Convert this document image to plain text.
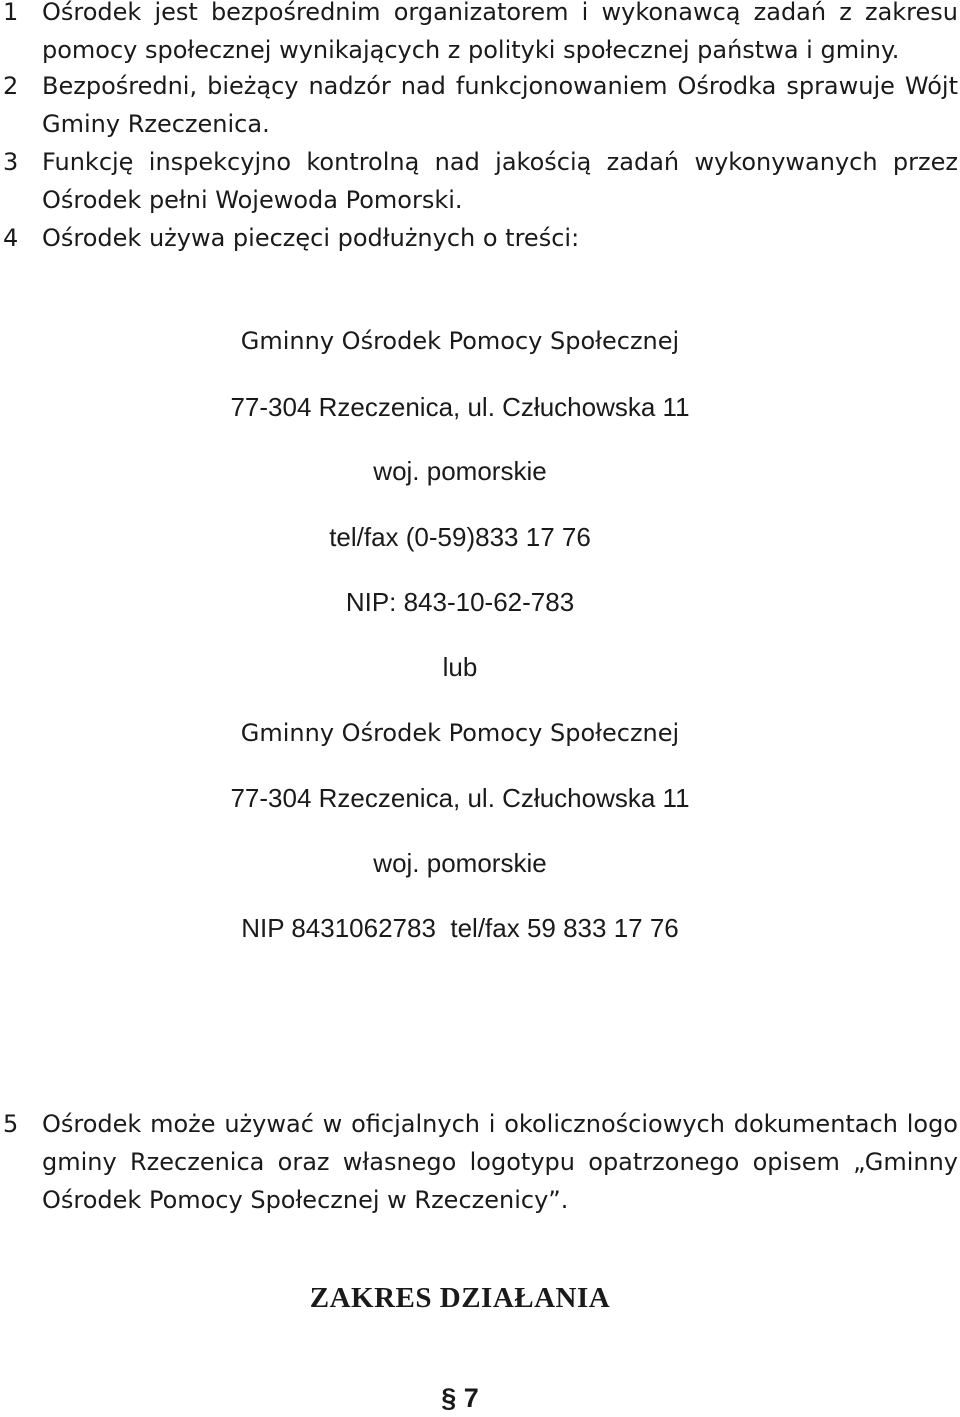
1 Ośrodek jest bezpośrednim organizatorem i wykonawcą zadań z zakresu pomocy społecznej wynikających z polityki społecznej państwa i gminy.
2 Bezpośredni, bieżący nadzór nad funkcjonowaniem Ośrodka sprawuje Wójt Gminy Rzeczenica.
3 Funkcję inspekcyjno kontrolną nad jakością zadań wykonywanych przez Ośrodek pełni Wojewoda Pomorski.
4 Ośrodek używa pieczęci podłużnych o treści:
Gminny Ośrodek Pomocy Społecznej
77-304 Rzeczenica, ul. Człuchowska 11
woj. pomorskie
tel/fax (0-59)833 17 76
NIP: 843-10-62-783
lub
Gminny Ośrodek Pomocy Społecznej
77-304 Rzeczenica, ul. Człuchowska 11
woj. pomorskie
NIP 8431062783  tel/fax 59 833 17 76
5 Ośrodek może używać w oficjalnych i okolicznościowych dokumentach logo gminy Rzeczenica oraz własnego logotypu opatrzonego opisem „Gminny Ośrodek Pomocy Społecznej w Rzeczenicy”.
ZAKRES DZIAŁANIA
§ 7
